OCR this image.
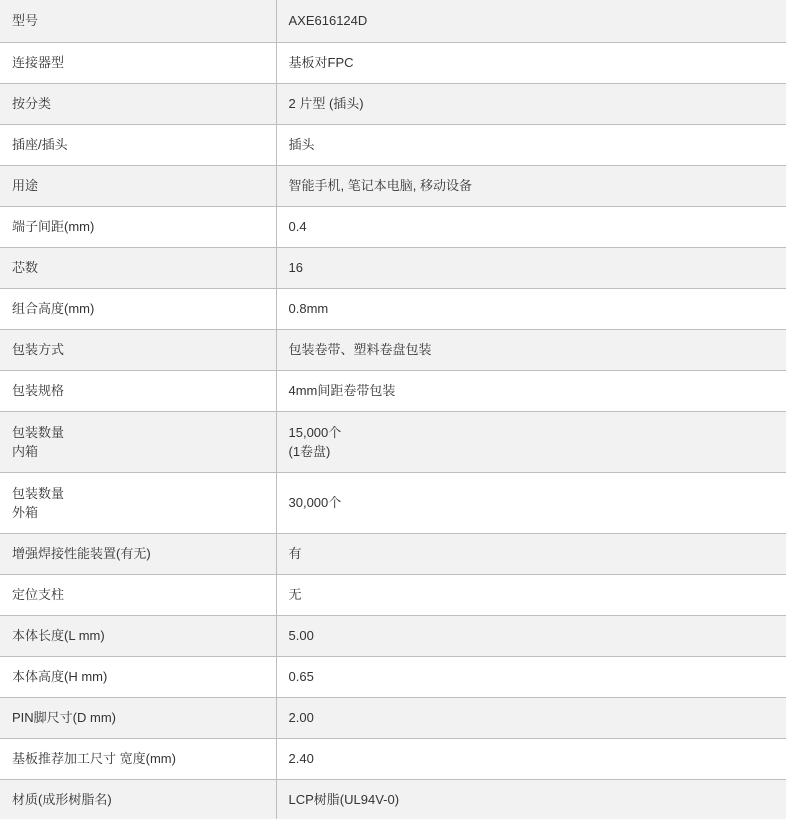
型号	AXE616124D

连接器型	基板对FPC

按分类	2 片型 (插头)

插座/插头	插头

用途	智能手机, 笔记本电脑, 移动设备

端子间距(mm)	0.4

芯数	16

组合高度(mm)	0.8mm

包装方式	包装卷带、塑料卷盘包装

包装规格	4mm间距卷带包装

包装数量
内箱	15,000个
(1卷盘)

包装数量
外箱	30,000个

增强焊接性能装置(有无)	有

定位支柱	无

本体长度(L mm)	5.00

本体高度(H mm)	0.65

PIN脚尺寸(D mm)	2.00

基板推荐加工尺寸 宽度(mm)	2.40

材质(成形树脂名)	LCP树脂(UL94V-0)
